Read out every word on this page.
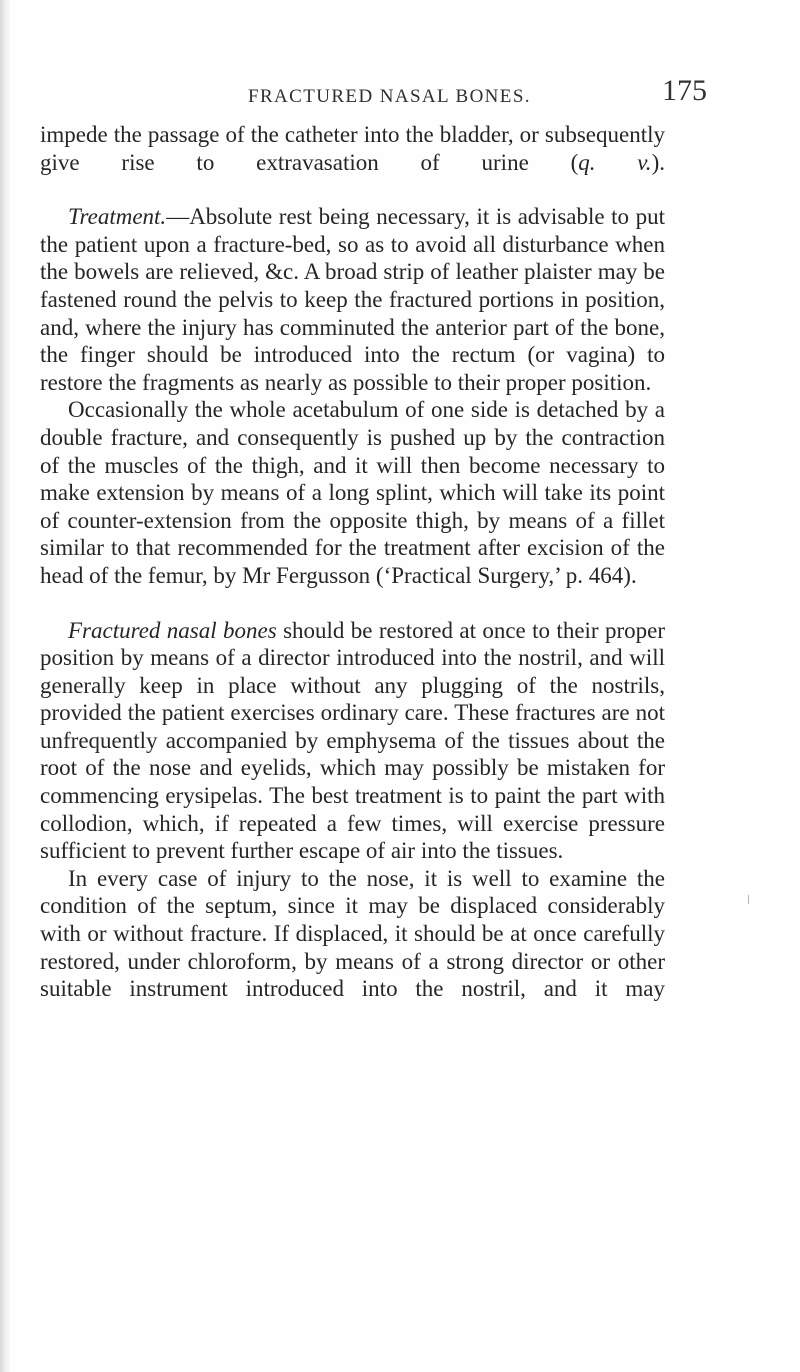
FRACTURED NASAL BONES.	175

impede the passage of the catheter into the bladder, or subsequently give rise to extravasation of urine (q. v.).

Treatment.—Absolute rest being necessary, it is advisable to put the patient upon a fracture-bed, so as to avoid all disturbance when the bowels are relieved, &c. A broad strip of leather plaister may be fastened round the pelvis to keep the fractured portions in position, and, where the injury has comminuted the anterior part of the bone, the finger should be introduced into the rectum (or vagina) to restore the fragments as nearly as possible to their proper position.

Occasionally the whole acetabulum of one side is detached by a double fracture, and consequently is pushed up by the contraction of the muscles of the thigh, and it will then become necessary to make extension by means of a long splint, which will take its point of counter-extension from the opposite thigh, by means of a fillet similar to that recommended for the treatment after excision of the head of the femur, by Mr Fergusson (‘Practical Surgery,’ p. 464).

Fractured nasal bones should be restored at once to their proper position by means of a director introduced into the nostril, and will generally keep in place without any plugging of the nostrils, provided the patient exercises ordinary care. These fractures are not unfrequently accompanied by emphysema of the tissues about the root of the nose and eyelids, which may possibly be mistaken for commencing erysipelas. The best treatment is to paint the part with collodion, which, if repeated a few times, will exercise pressure sufficient to prevent further escape of air into the tissues.

In every case of injury to the nose, it is well to examine the condition of the septum, since it may be displaced considerably with or without fracture. If displaced, it should be at once carefully restored, under chloroform, by means of a strong director or other suitable instrument introduced into the nostril, and it may
